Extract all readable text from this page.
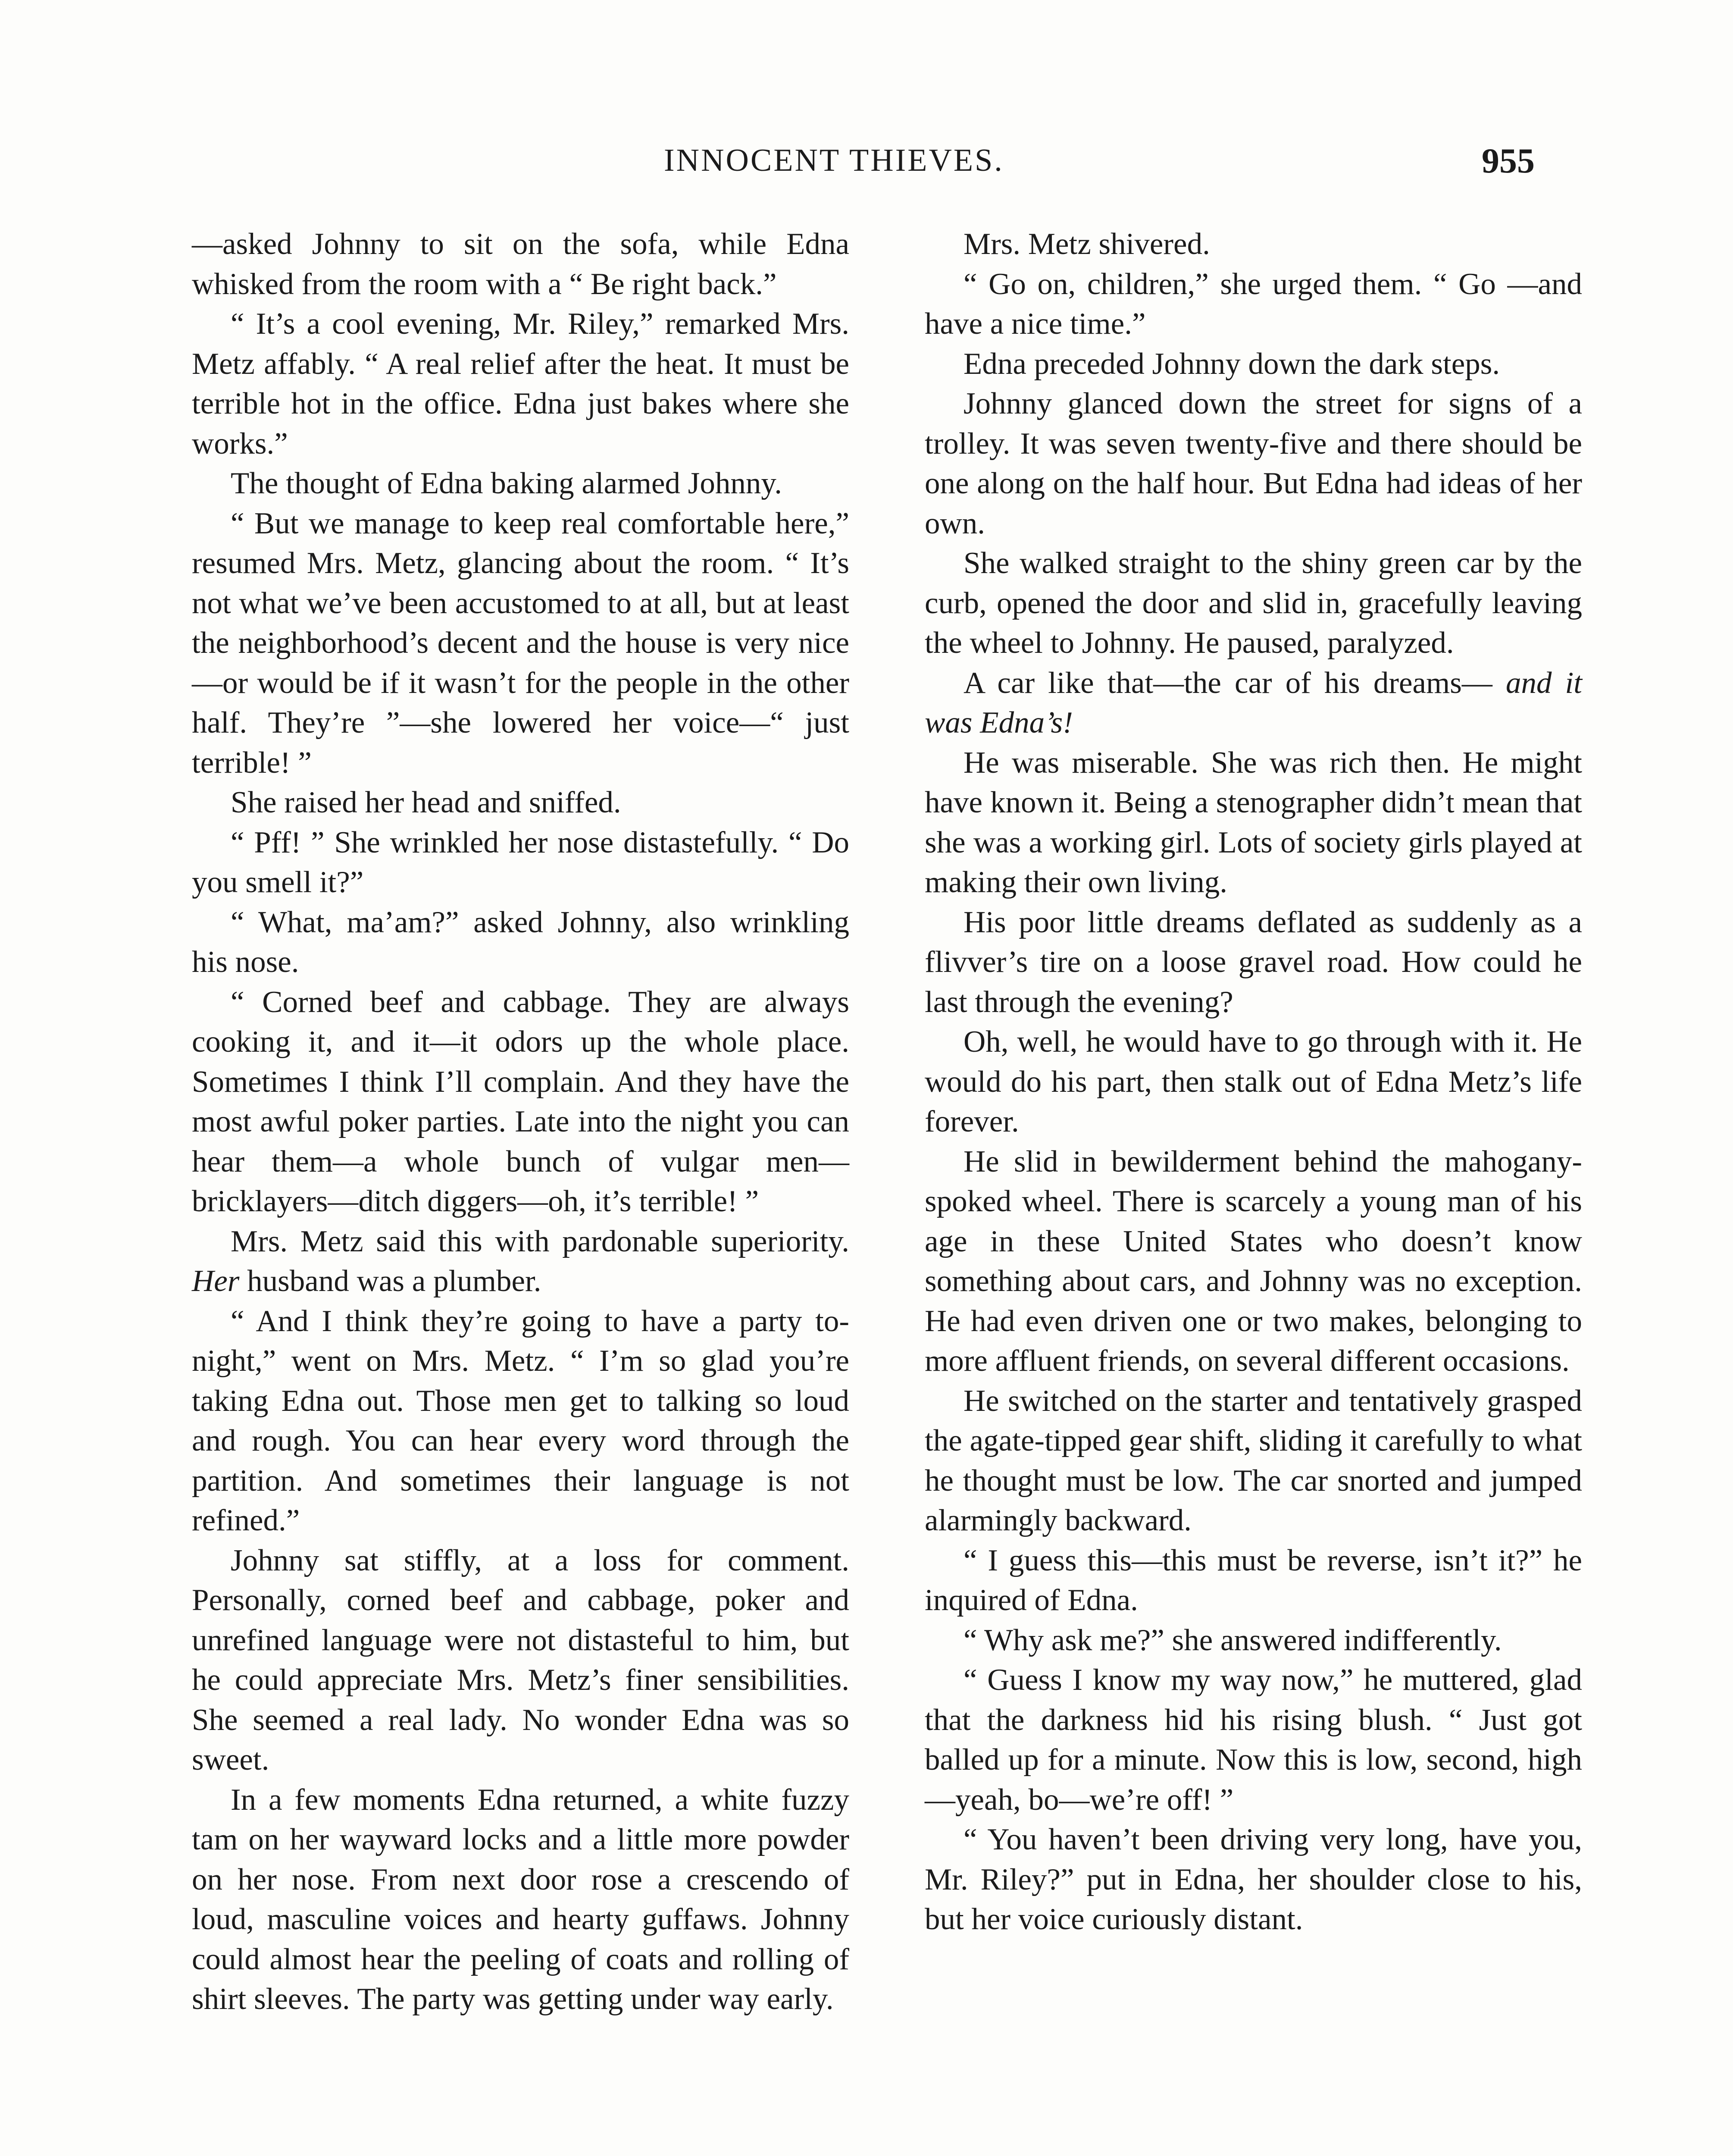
INNOCENT THIEVES.	955

—asked Johnny to sit on the sofa, while Edna whisked from the room with a “ Be right back.”

“ It’s a cool evening, Mr. Riley,” remarked Mrs. Metz affably. “ A real relief after the heat. It must be terrible hot in the office. Edna just bakes where she works.”

The thought of Edna baking alarmed Johnny.

“ But we manage to keep real comfortable here,” resumed Mrs. Metz, glancing about the room. “ It’s not what we’ve been accustomed to at all, but at least the neighborhood’s decent and the house is very nice —or would be if it wasn’t for the people in the other half. They’re ”—she lowered her voice—“ just terrible! ”

She raised her head and sniffed.

“ Pff! ” She wrinkled her nose distastefully. “ Do you smell it?”

“ What, ma’am?” asked Johnny, also wrinkling his nose.

“ Corned beef and cabbage. They are always cooking it, and it—it odors up the whole place. Sometimes I think I’ll complain. And they have the most awful poker parties. Late into the night you can hear them—a whole bunch of vulgar men—bricklayers—ditch diggers—oh, it’s terrible! ”

Mrs. Metz said this with pardonable superiority. Her husband was a plumber.

“ And I think they’re going to have a party to-night,” went on Mrs. Metz. “ I’m so glad you’re taking Edna out. Those men get to talking so loud and rough. You can hear every word through the partition. And sometimes their language is not refined.”

Johnny sat stiffly, at a loss for comment. Personally, corned beef and cabbage, poker and unrefined language were not distasteful to him, but he could appreciate Mrs. Metz’s finer sensibilities. She seemed a real lady. No wonder Edna was so sweet.

In a few moments Edna returned, a white fuzzy tam on her wayward locks and a little more powder on her nose. From next door rose a crescendo of loud, masculine voices and hearty guffaws. Johnny could almost hear the peeling of coats and rolling of shirt sleeves. The party was getting under way early.

Mrs. Metz shivered.

“ Go on, children,” she urged them. “ Go —and have a nice time.”

Edna preceded Johnny down the dark steps.

Johnny glanced down the street for signs of a trolley. It was seven twenty-five and there should be one along on the half hour. But Edna had ideas of her own.

She walked straight to the shiny green car by the curb, opened the door and slid in, gracefully leaving the wheel to Johnny. He paused, paralyzed.

A car like that—the car of his dreams— and it was Edna’s!

He was miserable. She was rich then. He might have known it. Being a stenographer didn’t mean that she was a working girl. Lots of society girls played at making their own living.

His poor little dreams deflated as suddenly as a flivver’s tire on a loose gravel road. How could he last through the evening?

Oh, well, he would have to go through with it. He would do his part, then stalk out of Edna Metz’s life forever.

He slid in bewilderment behind the mahogany-spoked wheel. There is scarcely a young man of his age in these United States who doesn’t know something about cars, and Johnny was no exception. He had even driven one or two makes, belonging to more affluent friends, on several different occasions.

He switched on the starter and tentatively grasped the agate-tipped gear shift, sliding it carefully to what he thought must be low. The car snorted and jumped alarmingly backward.

“ I guess this—this must be reverse, isn’t it?” he inquired of Edna.

“ Why ask me?” she answered indifferently.

“ Guess I know my way now,” he muttered, glad that the darkness hid his rising blush. “ Just got balled up for a minute. Now this is low, second, high—yeah, bo—we’re off! ”

“ You haven’t been driving very long, have you, Mr. Riley?” put in Edna, her shoulder close to his, but her voice curiously distant.
